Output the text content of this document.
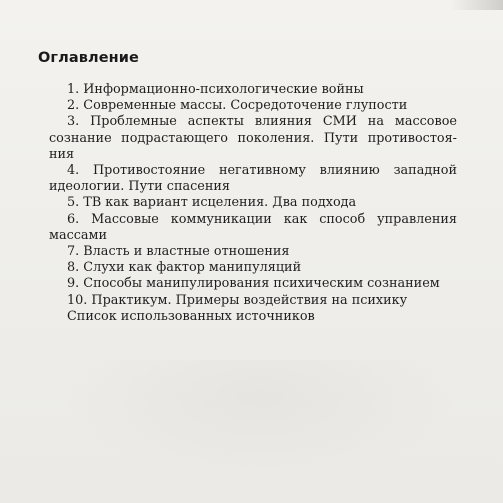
Оглавление
1. Информационно-психологические войны
2. Современные массы. Сосредоточение глупости
3. Проблемные аспекты влияния СМИ на массовое
сознание подрастающего поколения. Пути противостоя-
ния
4. Противостояние негативному влиянию западной
идеологии. Пути спасения
5. ТВ как вариант исцеления. Два подхода
6. Массовые коммуникации как способ управления
массами
7. Власть и властные отношения
8. Слухи как фактор манипуляций
9. Способы манипулирования психическим сознанием
10. Практикум. Примеры воздействия на психику
Список использованных источников
